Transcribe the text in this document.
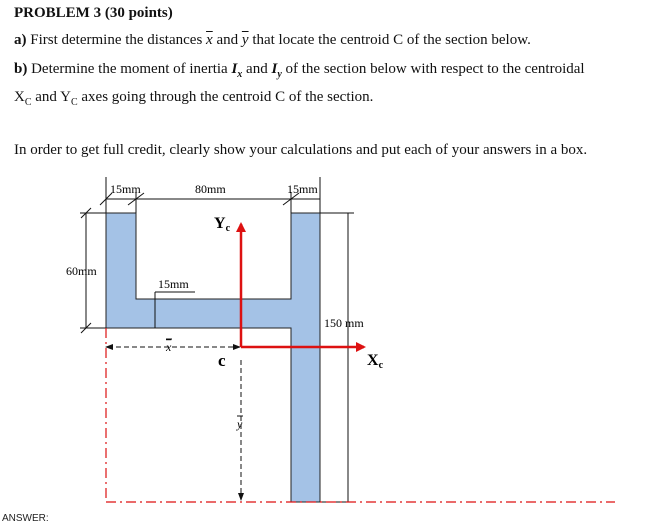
PROBLEM 3 (30 points)
a) First determine the distances $\overline{x}$ and $\overline{y}$ that locate the centroid C of the section below.
b) Determine the moment of inertia $I_x$ and $I_y$ of the section below with respect to the centroidal
$X_C$ and $Y_C$ axes going through the centroid C of the section.
In order to get full credit, clearly show your calculations and put each of your answers in a box.
15mm	80mm	15mm
60mm
15mm
150 mm
x
y
c
Yc
Xc
ANSWER:
